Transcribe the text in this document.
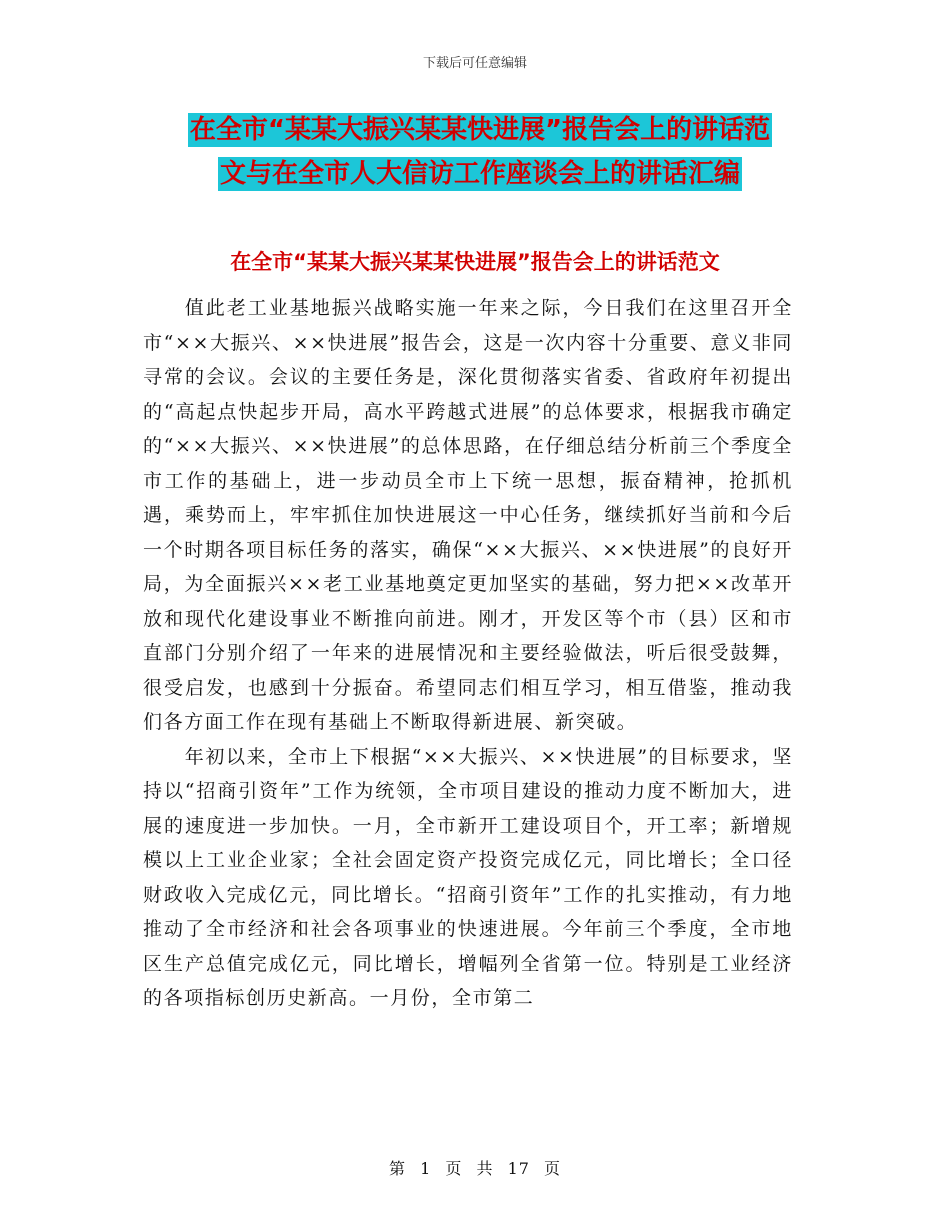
下载后可任意编辑
在全市“某某大振兴某某快进展”报告会上的讲话范
文与在全市人大信访工作座谈会上的讲话汇编
在全市“某某大振兴某某快进展”报告会上的讲话范文

值此老工业基地振兴战略实施一年来之际，今日我们在这里召开全市“××大振兴、××快进展”报告会，这是一次内容十分重要、意义非同寻常的会议。会议的主要任务是，深化贯彻落实省委、省政府年初提出的“高起点快起步开局，高水平跨越式进展”的总体要求，根据我市确定的“××大振兴、××快进展”的总体思路，在仔细总结分析前三个季度全市工作的基础上，进一步动员全市上下统一思想，振奋精神，抢抓机遇，乘势而上，牢牢抓住加快进展这一中心任务，继续抓好当前和今后一个时期各项目标任务的落实，确保“××大振兴、××快进展”的良好开局，为全面振兴××老工业基地奠定更加坚实的基础，努力把××改革开放和现代化建设事业不断推向前进。刚才，开发区等个市（县）区和市直部门分别介绍了一年来的进展情况和主要经验做法，听后很受鼓舞，很受启发，也感到十分振奋。希望同志们相互学习，相互借鉴，推动我们各方面工作在现有基础上不断取得新进展、新突破。

年初以来，全市上下根据“××大振兴、××快进展”的目标要求，坚持以“招商引资年”工作为统领，全市项目建设的推动力度不断加大，进展的速度进一步加快。一月，全市新开工建设项目个，开工率；新增规模以上工业企业家；全社会固定资产投资完成亿元，同比增长；全口径财政收入完成亿元，同比增长。“招商引资年”工作的扎实推动，有力地推动了全市经济和社会各项事业的快速进展。今年前三个季度，全市地区生产总值完成亿元，同比增长，增幅列全省第一位。特别是工业经济的各项指标创历史新高。一月份，全市第二

第 1 页 共 17 页
